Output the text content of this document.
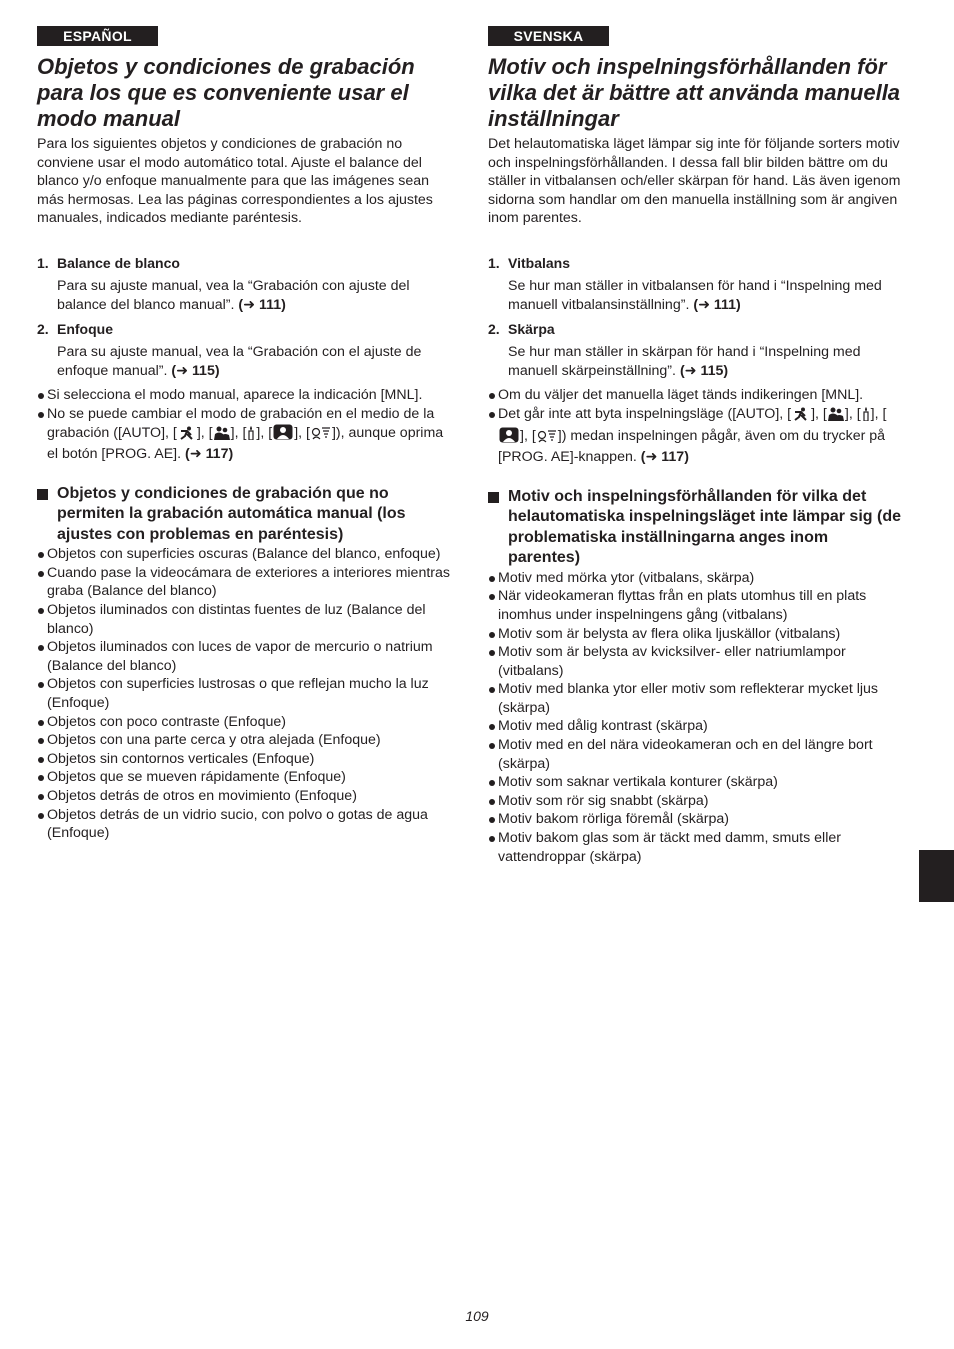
ESPAÑOL
Objetos y condiciones de grabación para los que es conveniente usar el modo manual

Para los siguientes objetos y condiciones de grabación no conviene usar el modo automático total. Ajuste el balance del blanco y/o enfoque manualmente para que las imágenes sean más hermosas. Lea las páginas correspondientes a los ajustes manuales, indicados mediante paréntesis.

1. Balance de blanco
Para su ajuste manual, vea la “Grabación con ajuste del balance del blanco manual”. (➜ 111)
2. Enfoque
Para su ajuste manual, vea la “Grabación con el ajuste de enfoque manual”. (➜ 115)
Si selecciona el modo manual, aparece la indicación [MNL].
No se puede cambiar el modo de grabación en el medio de la grabación ([AUTO], [ ], [ ], [ ], [ ], [ ]), aunque oprima el botón [PROG. AE]. (➜ 117)
Objetos y condiciones de grabación que no permiten la grabación automática manual (los ajustes con problemas en paréntesis)
Objetos con superficies oscuras (Balance del blanco, enfoque)
Cuando pase la videocámara de exteriores a interiores mientras graba (Balance del blanco)
Objetos iluminados con distintas fuentes de luz (Balance del blanco)
Objetos iluminados con luces de vapor de mercurio o natrium (Balance del blanco)
Objetos con superficies lustrosas o que reflejan mucho la luz (Enfoque)
Objetos con poco contraste (Enfoque)
Objetos con una parte cerca y otra alejada (Enfoque)
Objetos sin contornos verticales (Enfoque)
Objetos que se mueven rápidamente (Enfoque)
Objetos detrás de otros en movimiento (Enfoque)
Objetos detrás de un vidrio sucio, con polvo o gotas de agua (Enfoque)
SVENSKA
Motiv och inspelningsförhållanden för vilka det är bättre att använda manuella inställningar

Det helautomatiska läget lämpar sig inte för följande sorters motiv och inspelningsförhållanden. I dessa fall blir bilden bättre om du ställer in vitbalansen och/eller skärpan för hand. Läs även igenom sidorna som handlar om den manuella inställning som är angiven inom parentes.

1. Vitbalans
Se hur man ställer in vitbalansen för hand i “Inspelning med manuell vitbalansinställning”. (➜ 111)
2. Skärpa
Se hur man ställer in skärpan för hand i “Inspelning med manuell skärpeinställning”. (➜ 115)
Om du väljer det manuella läget tänds indikeringen [MNL].
Det går inte att byta inspelningsläge ([AUTO], [ ], [ ], [ ], [], [ ]) medan inspelningen pågår, även om du trycker på [PROG. AE]-knappen. (➜ 117)
Motiv och inspelningsförhållanden för vilka det helautomatiska inspelningsläget inte lämpar sig (de problematiska inställningarna anges inom parentes)
Motiv med mörka ytor (vitbalans, skärpa)
När videokameran flyttas från en plats utomhus till en plats inomhus under inspelningens gång (vitbalans)
Motiv som är belysta av flera olika ljuskällor (vitbalans)
Motiv som är belysta av kvicksilver- eller natriumlampor (vitbalans)
Motiv med blanka ytor eller motiv som reflekterar mycket ljus (skärpa)
Motiv med dålig kontrast (skärpa)
Motiv med en del nära videokameran och en del längre bort (skärpa)
Motiv som saknar vertikala konturer (skärpa)
Motiv som rör sig snabbt (skärpa)
Motiv bakom rörliga föremål (skärpa)
Motiv bakom glas som är täckt med damm, smuts eller vattendroppar (skärpa)
109
